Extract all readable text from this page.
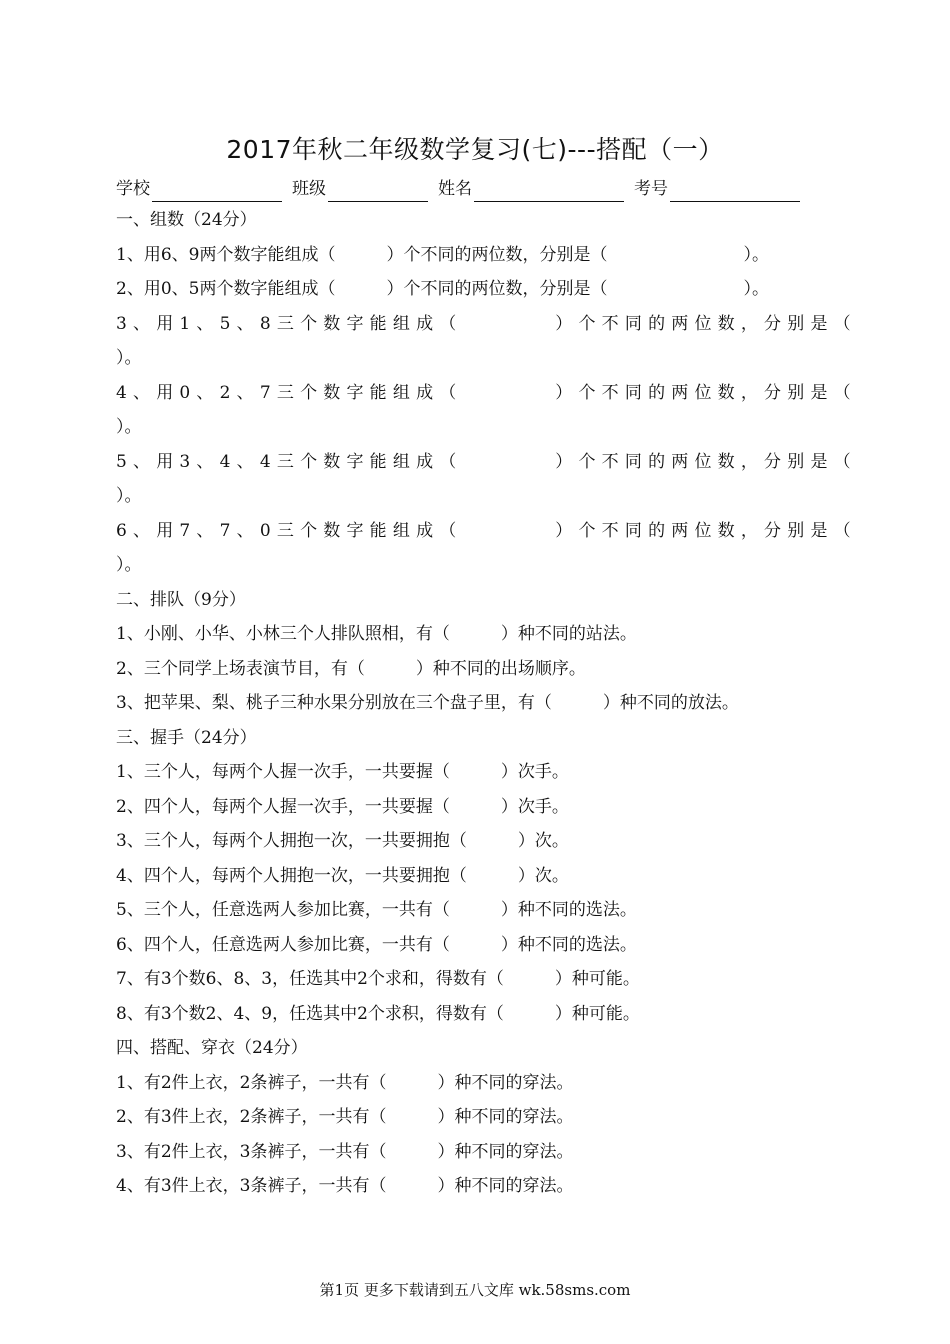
2017年秋二年级数学复习(七)---搭配（一）
学校	班级	姓名	考号
一、组数（24分）
1、用6、9两个数字能组成（　　　）个不同的两位数，分别是（　　　　　　　　）。
2、用0、5两个数字能组成（　　　）个不同的两位数，分别是（　　　　　　　　）。
3、用1、5、8三个数字能组成（　　　　）个不同的两位数，分别是（
）。
4、用0、2、7三个数字能组成（　　　　）个不同的两位数，分别是（
）。
5、用3、4、4三个数字能组成（　　　　）个不同的两位数，分别是（
）。
6、用7、7、0三个数字能组成（　　　　）个不同的两位数，分别是（
）。
二、排队（9分）
1、小刚、小华、小林三个人排队照相，有（　　　）种不同的站法。
2、三个同学上场表演节目，有（　　　）种不同的出场顺序。
3、把苹果、梨、桃子三种水果分别放在三个盘子里，有（　　　）种不同的放法。
三、握手（24分）
1、三个人，每两个人握一次手，一共要握（　　　）次手。
2、四个人，每两个人握一次手，一共要握（　　　）次手。
3、三个人，每两个人拥抱一次，一共要拥抱（　　　）次。
4、四个人，每两个人拥抱一次，一共要拥抱（　　　）次。
5、三个人，任意选两人参加比赛，一共有（　　　）种不同的选法。
6、四个人，任意选两人参加比赛，一共有（　　　）种不同的选法。
7、有3个数6、8、3，任选其中2个求和，得数有（　　　）种可能。
8、有3个数2、4、9，任选其中2个求积，得数有（　　　）种可能。
四、搭配、穿衣（24分）
1、有2件上衣，2条裤子，一共有（　　　）种不同的穿法。
2、有3件上衣，2条裤子，一共有（　　　）种不同的穿法。
3、有2件上衣，3条裤子，一共有（　　　）种不同的穿法。
4、有3件上衣，3条裤子，一共有（　　　）种不同的穿法。
第1页 更多下载请到五八文库 wk.58sms.com
